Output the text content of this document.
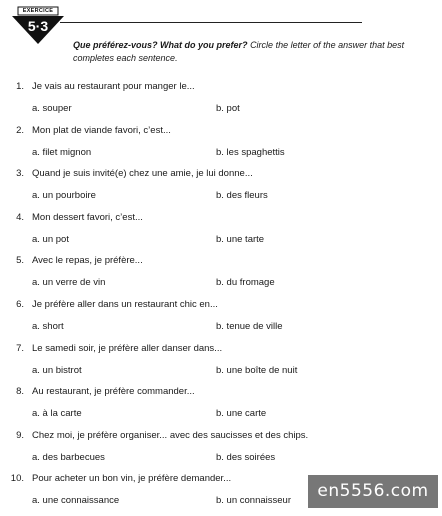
EXERCICE
5·3
Que préférez-vous? What do you prefer? Circle the letter of the answer that best completes each sentence.
1. Je vais au restaurant pour manger le...
a. souper	b. pot
2. Mon plat de viande favori, c’est...
a. filet mignon	b. les spaghettis
3. Quand je suis invité(e) chez une amie, je lui donne...
a. un pourboire	b. des fleurs
4. Mon dessert favori, c’est...
a. un pot	b. une tarte
5. Avec le repas, je préfère...
a. un verre de vin	b. du fromage
6. Je préfère aller dans un restaurant chic en...
a. short	b. tenue de ville
7. Le samedi soir, je préfère aller danser dans...
a. un bistrot	b. une boîte de nuit
8. Au restaurant, je préfère commander...
a. à la carte	b. une carte
9. Chez moi, je préfère organiser... avec des saucisses et des chips.
a. des barbecues	b. des soirées
10. Pour acheter un bon vin, je préfère demander...
a. une connaissance	b. un connaisseur	en5556.com
